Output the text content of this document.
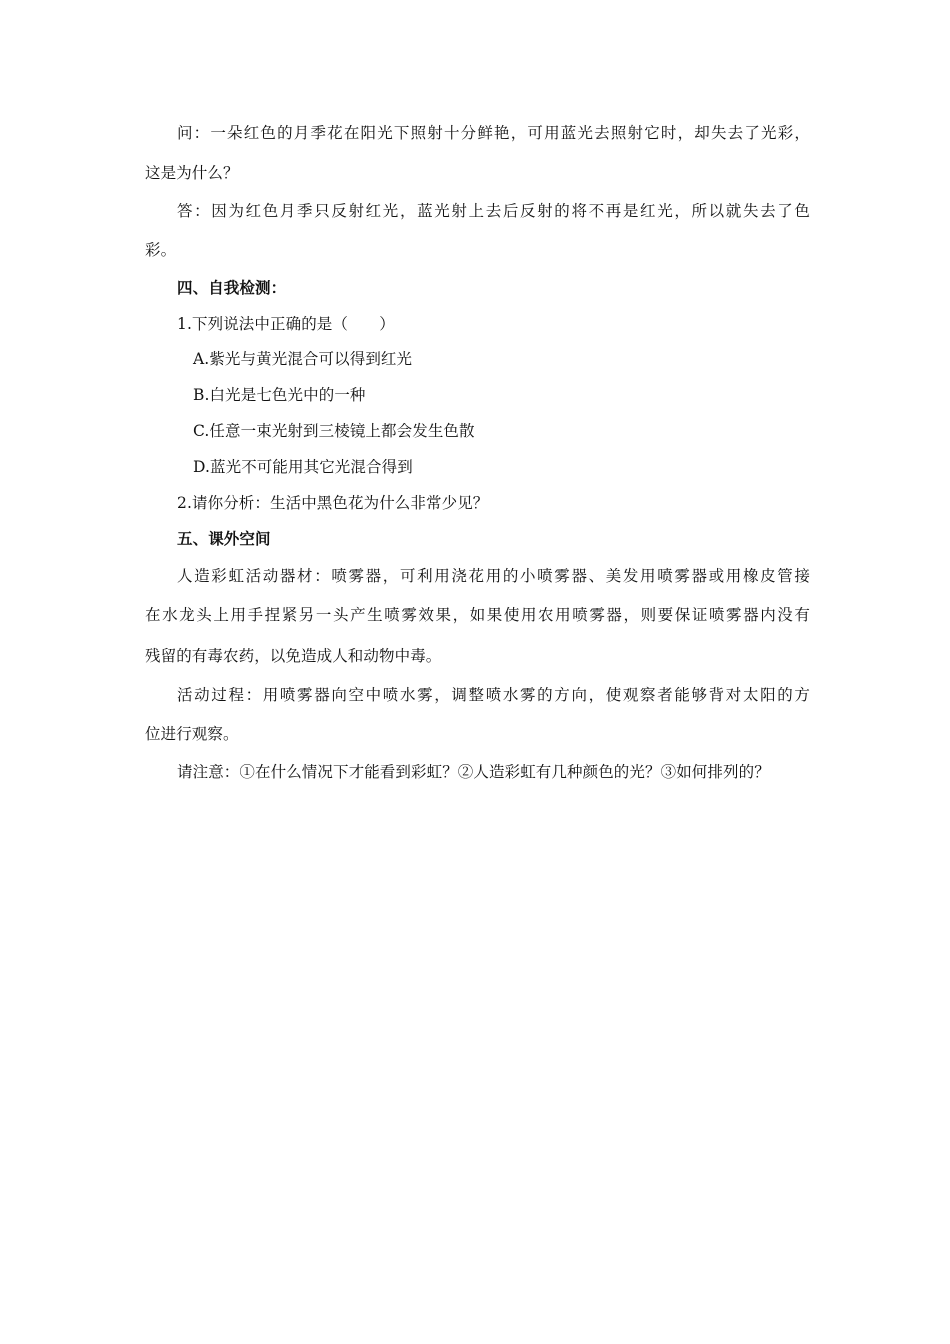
问：一朵红色的月季花在阳光下照射十分鲜艳，可用蓝光去照射它时，却失去了光彩，
这是为什么？
答：因为红色月季只反射红光，蓝光射上去后反射的将不再是红光，所以就失去了色
彩。
四、自我检测：
1.下列说法中正确的是（　　）
A.紫光与黄光混合可以得到红光
B.白光是七色光中的一种
C.任意一束光射到三棱镜上都会发生色散
D.蓝光不可能用其它光混合得到
2.请你分析：生活中黑色花为什么非常少见？
五、课外空间
人造彩虹活动器材：喷雾器，可利用浇花用的小喷雾器、美发用喷雾器或用橡皮管接
在水龙头上用手捏紧另一头产生喷雾效果，如果使用农用喷雾器，则要保证喷雾器内没有
残留的有毒农药，以免造成人和动物中毒。
活动过程：用喷雾器向空中喷水雾，调整喷水雾的方向，使观察者能够背对太阳的方
位进行观察。
请注意：①在什么情况下才能看到彩虹？②人造彩虹有几种颜色的光？③如何排列的？
